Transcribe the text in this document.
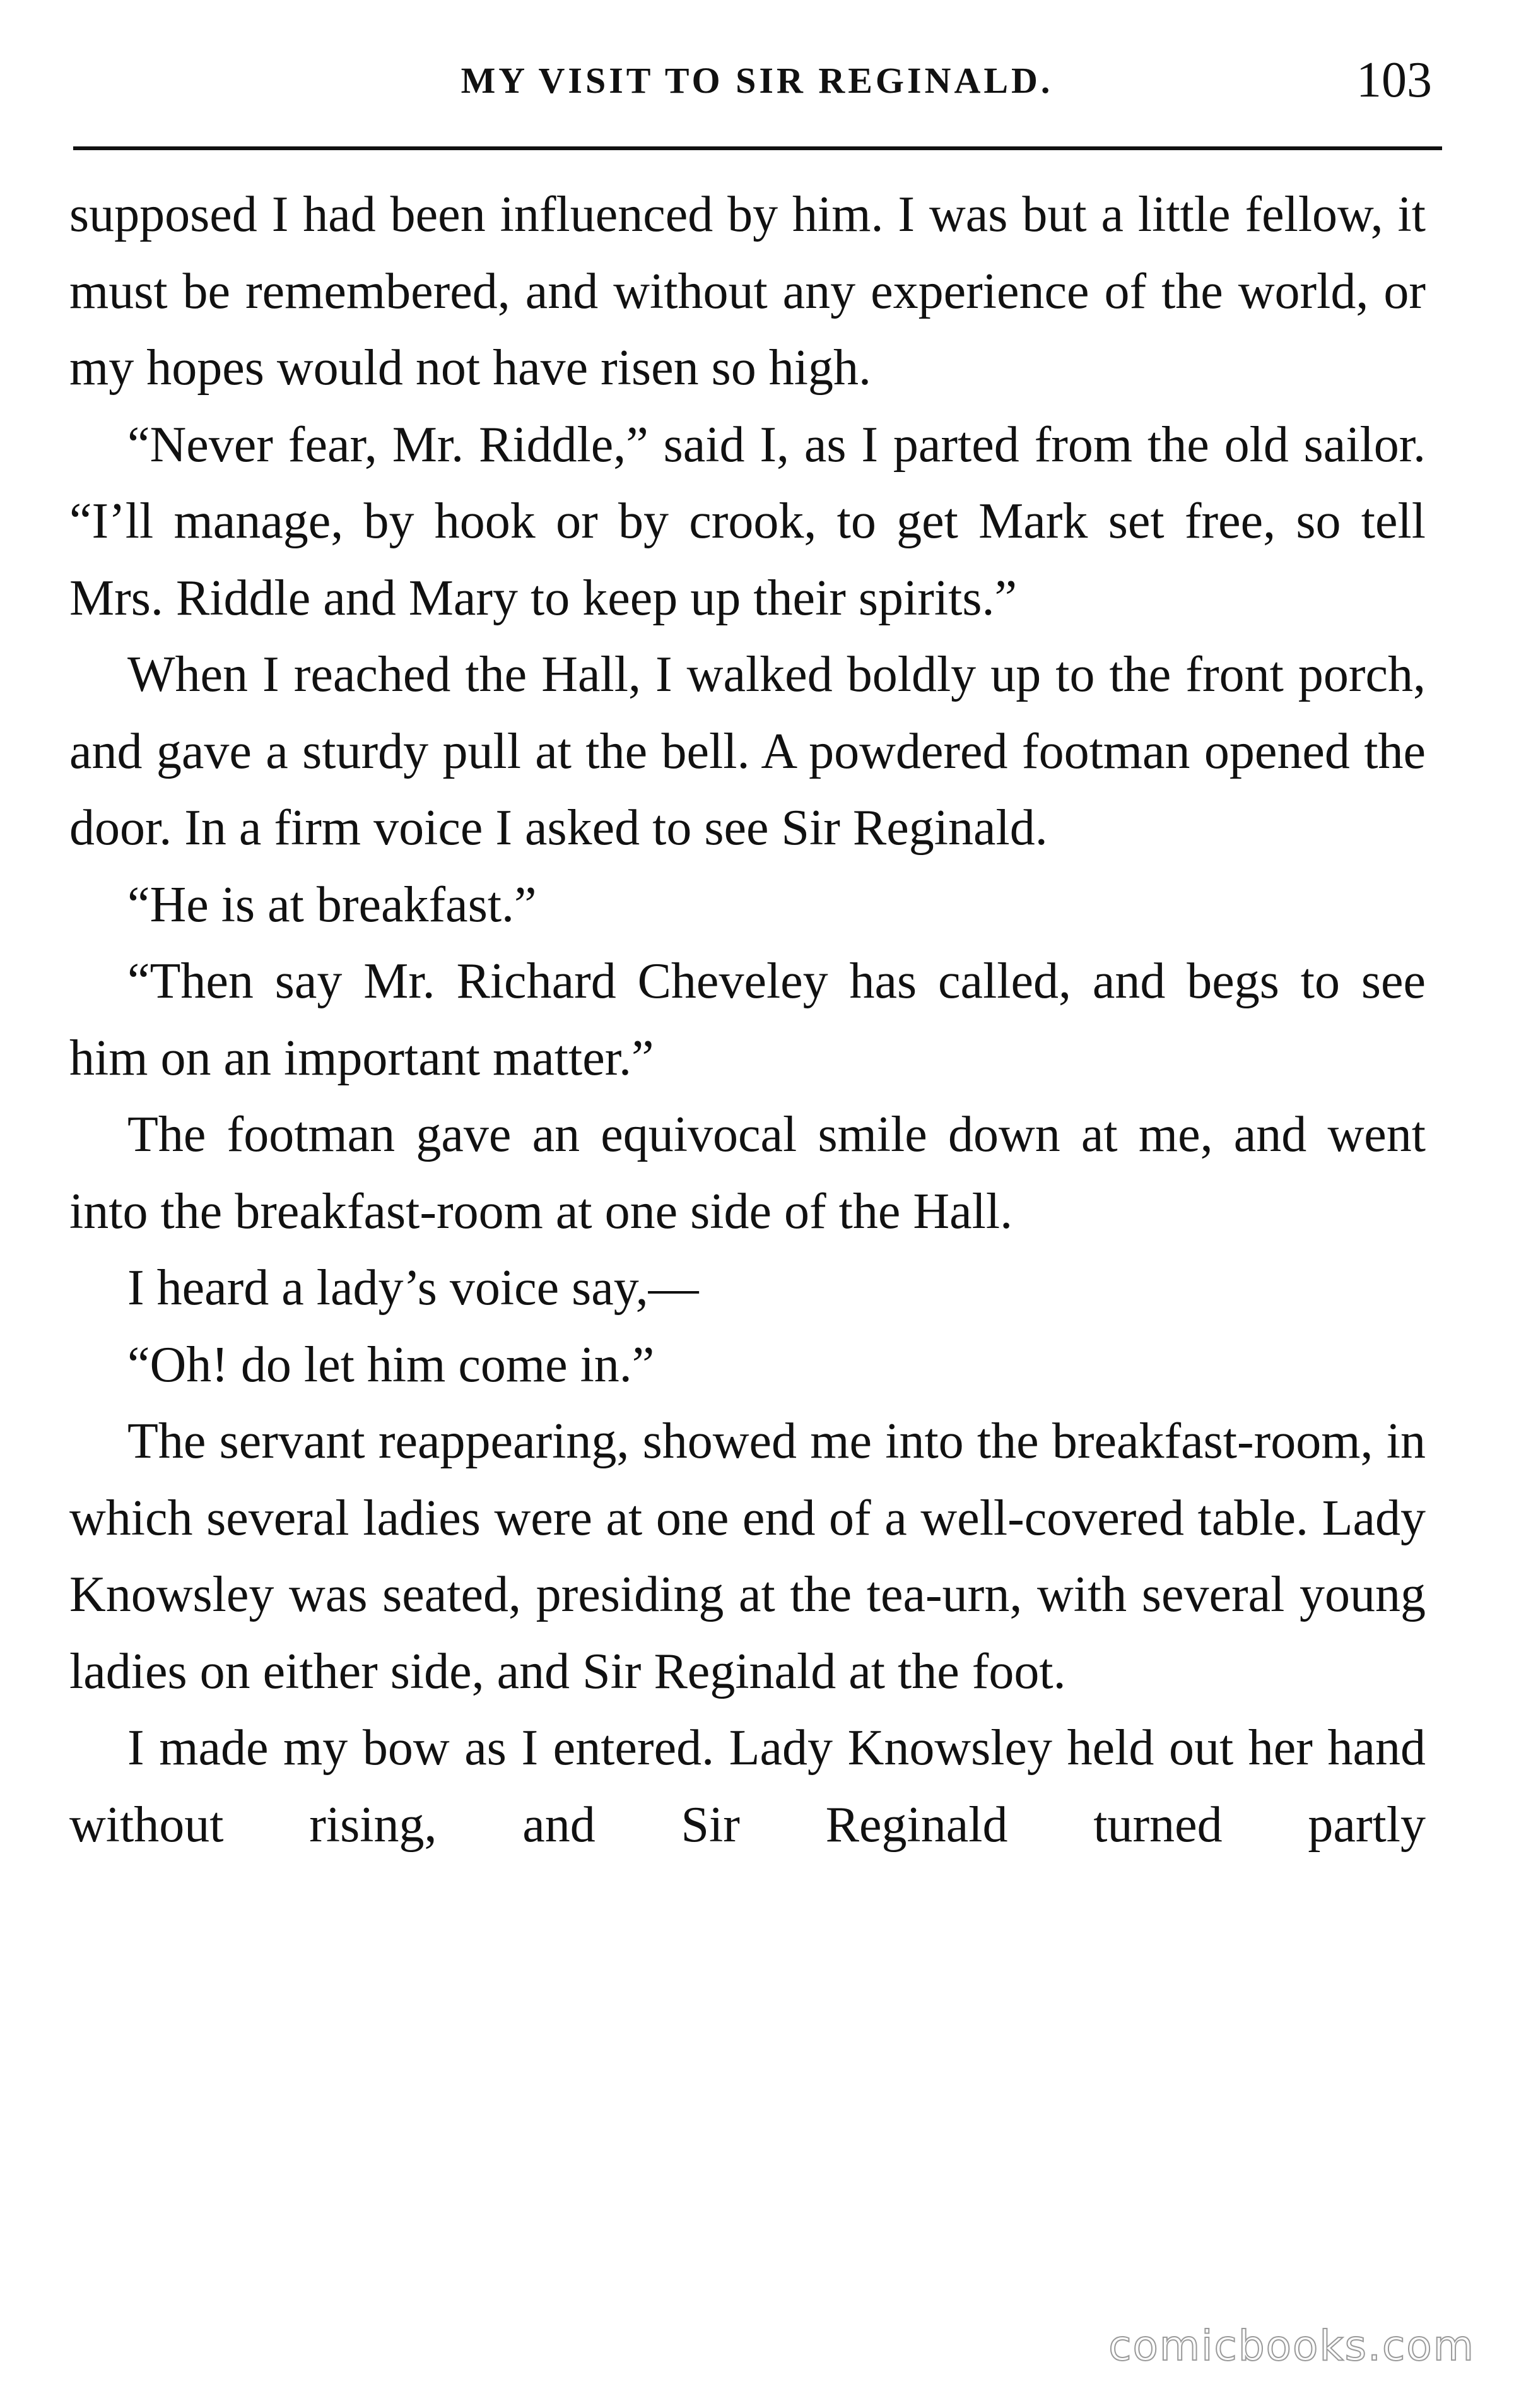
MY VISIT TO SIR REGINALD.	103

supposed I had been influenced by him. I was but a little fellow, it must be remembered, and without any experience of the world, or my hopes would not have risen so high.

“Never fear, Mr. Riddle,” said I, as I parted from the old sailor. “I’ll manage, by hook or by crook, to get Mark set free, so tell Mrs. Riddle and Mary to keep up their spirits.”

When I reached the Hall, I walked boldly up to the front porch, and gave a sturdy pull at the bell. A powdered footman opened the door. In a firm voice I asked to see Sir Reginald.

“He is at breakfast.”

“Then say Mr. Richard Cheveley has called, and begs to see him on an important matter.”

The footman gave an equivocal smile down at me, and went into the breakfast-room at one side of the Hall.

I heard a lady’s voice say,—

“Oh! do let him come in.”

The servant reappearing, showed me into the breakfast-room, in which several ladies were at one end of a well-covered table. Lady Knowsley was seated, presiding at the tea-urn, with several young ladies on either side, and Sir Reginald at the foot.

I made my bow as I entered. Lady Knowsley held out her hand without rising, and Sir Reginald turned partly

comicbooks.com
